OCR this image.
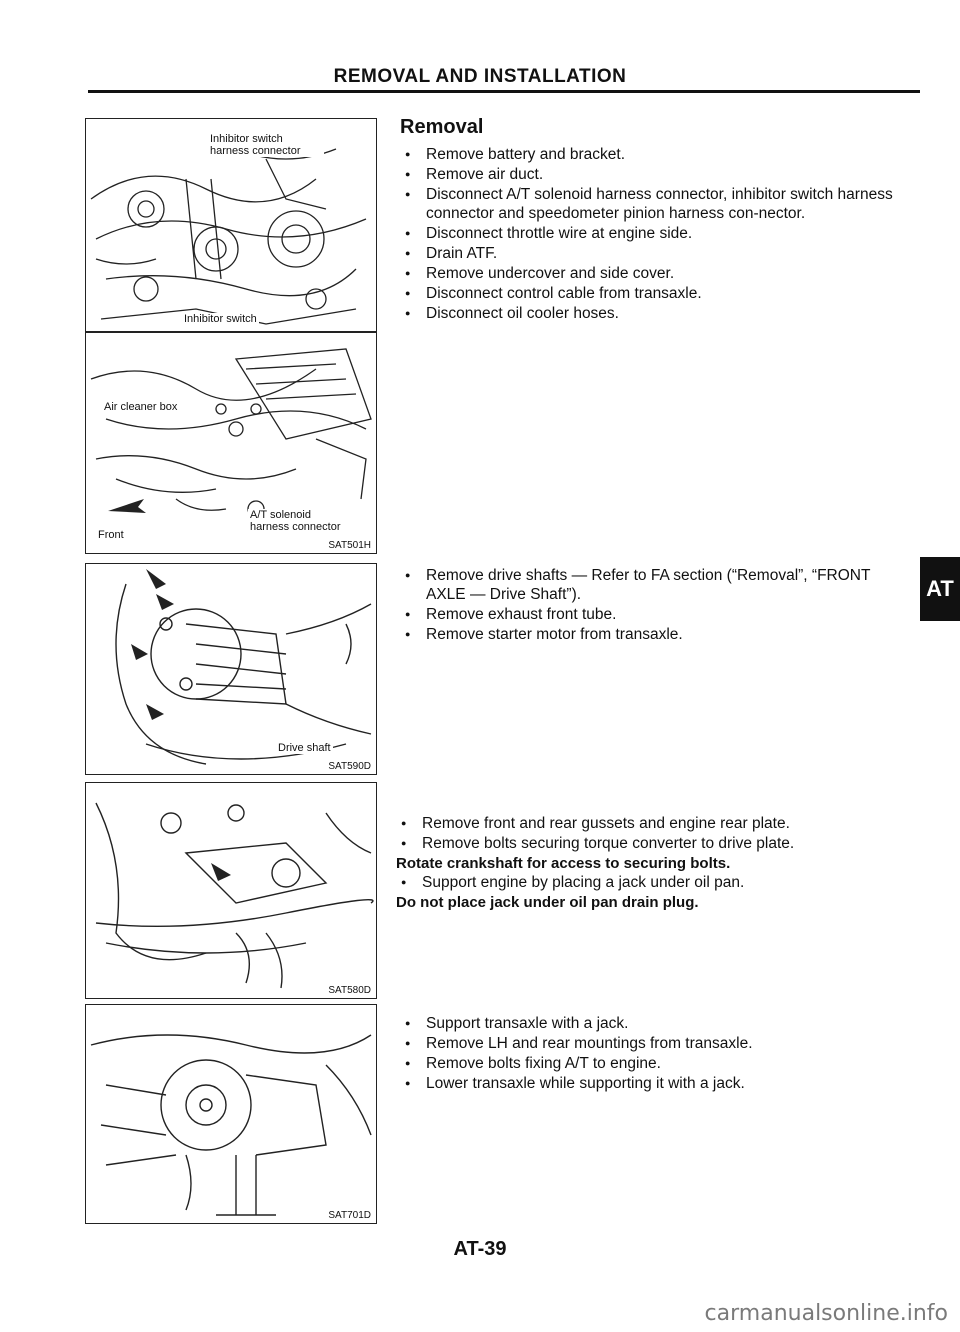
REMOVAL AND INSTALLATION
Inhibitor switch
harness connector
Inhibitor switch
Air cleaner box
A/T solenoid
harness connector
Front
SAT501H
Drive shaft
SAT590D
SAT580D
SAT701D
Removal
● Remove battery and bracket.
● Remove air duct.
● Disconnect A/T solenoid harness connector, inhibitor switch harness connector and speedometer pinion harness con-nector.
● Disconnect throttle wire at engine side.
● Drain ATF.
● Remove undercover and side cover.
● Disconnect control cable from transaxle.
● Disconnect oil cooler hoses.
● Remove drive shafts — Refer to FA section (“Removal”, “FRONT AXLE — Drive Shaft”).
● Remove exhaust front tube.
● Remove starter motor from transaxle.
● Remove front and rear gussets and engine rear plate.
● Remove bolts securing torque converter to drive plate.

Rotate crankshaft for access to securing bolts.

● Support engine by placing a jack under oil pan.

Do not place jack under oil pan drain plug.

● Support transaxle with a jack.
● Remove LH and rear mountings from transaxle.
● Remove bolts fixing A/T to engine.
● Lower transaxle while supporting it with a jack.
AT
AT-39
carmanualsonline.info
